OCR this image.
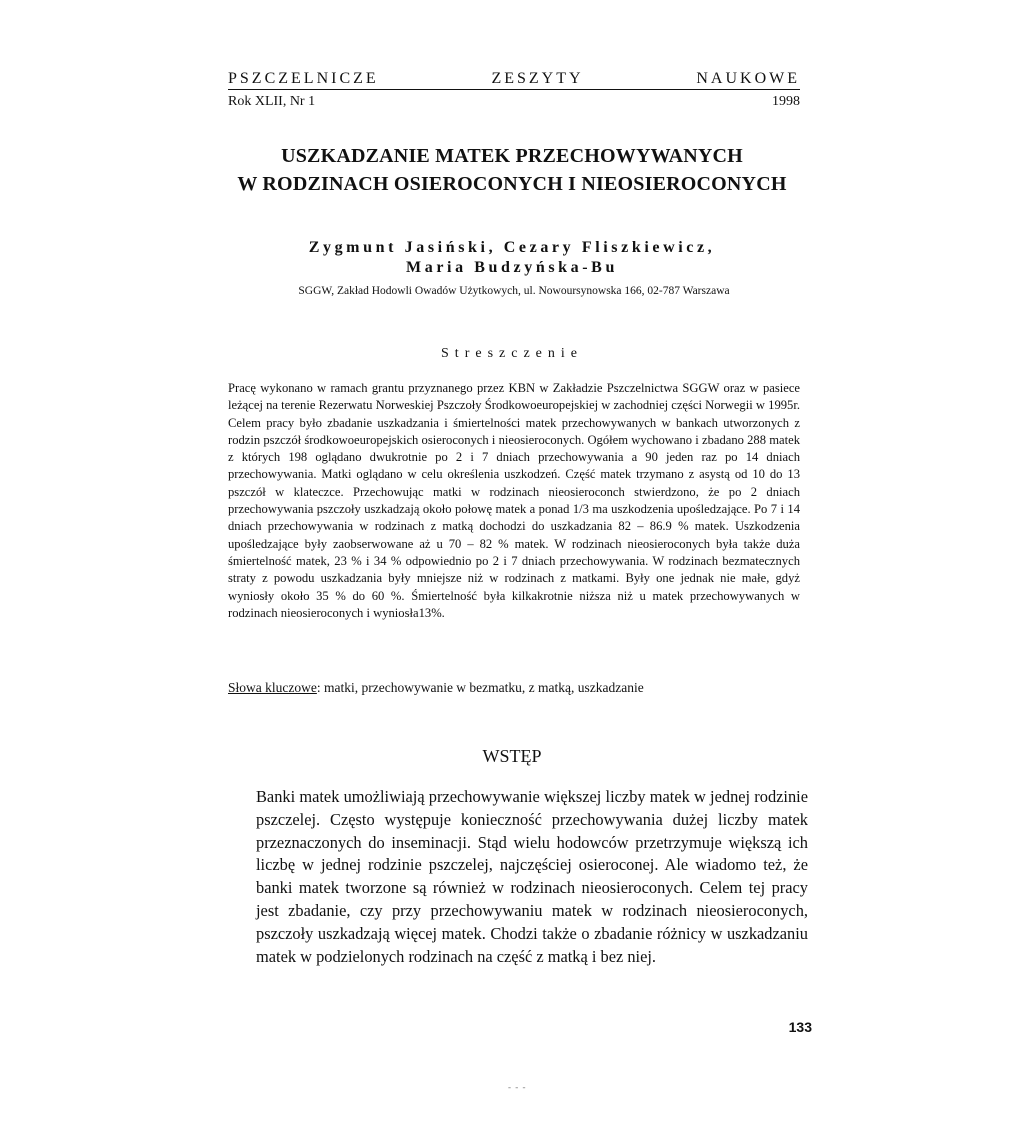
PSZCZELNICZE	ZESZYTY	NAUKOWE
Rok XLII, Nr 1	1998
USZKADZANIE MATEK PRZECHOWYWANYCH
W RODZINACH OSIEROCONYCH I NIEOSIEROCONYCH
Zygmunt Jasiński, Cezary Fliszkiewicz,
Maria Budzyńska-Bu
SGGW, Zakład Hodowli Owadów Użytkowych, ul. Nowoursynowska 166, 02-787 Warszawa
Streszczenie

Pracę wykonano w ramach grantu przyznanego przez KBN w Zakładzie Pszczelnictwa SGGW oraz w pasiece leżącej na terenie Rezerwatu Norweskiej Pszczoły Środkowoeuropejskiej w zachodniej części Norwegii w 1995r. Celem pracy było zbadanie uszkadzania i śmiertelności matek przechowywanych w bankach utworzonych z rodzin pszczół środkowoeuropejskich osieroconych i nieosieroconych. Ogółem wychowano i zbadano 288 matek z których 198 oglądano dwukrotnie po 2 i 7 dniach przechowywania a 90 jeden raz po 14 dniach przechowywania. Matki oglądano w celu określenia uszkodzeń. Część matek trzymano z asystą od 10 do 13 pszczół w klateczce. Przechowując matki w rodzinach nieosieroconch stwierdzono, że po 2 dniach przechowywania pszczoły uszkadzają około połowę matek a ponad 1/3 ma uszkodzenia upośledzające. Po 7 i 14 dniach przechowywania w rodzinach z matką dochodzi do uszkadzania 82 – 86.9 % matek. Uszkodzenia upośledzające były zaobserwowane aż u 70 – 82 % matek. W rodzinach nieosieroconych była także duża śmiertelność matek, 23 % i 34 % odpowiednio po 2 i 7 dniach przechowywania. W rodzinach bezmatecznych straty z powodu uszkadzania były mniejsze niż w rodzinach z matkami. Były one jednak nie małe, gdyż wyniosły około 35 % do 60 %. Śmiertelność była kilkakrotnie niższa niż u matek przechowywanych w rodzinach nieosieroconych i wyniosła13%.

Słowa kluczowe: matki, przechowywanie w bezmatku, z matką, uszkadzanie
WSTĘP

Banki matek umożliwiają przechowywanie większej liczby matek w jednej rodzinie pszczelej. Często występuje konieczność przechowywania dużej liczby matek przeznaczonych do inseminacji. Stąd wielu hodowców przetrzymuje większą ich liczbę w jednej rodzinie pszczelej, najczęściej osieroconej. Ale wiadomo też, że banki matek tworzone są również w rodzinach nieosieroconych. Celem tej pracy jest zbadanie, czy przy przechowywaniu matek w rodzinach nieosieroconych, pszczoły uszkadzają więcej matek. Chodzi także o zbadanie różnicy w uszkadzaniu matek w podzielonych rodzinach na część z matką i bez niej.

133
- - -
